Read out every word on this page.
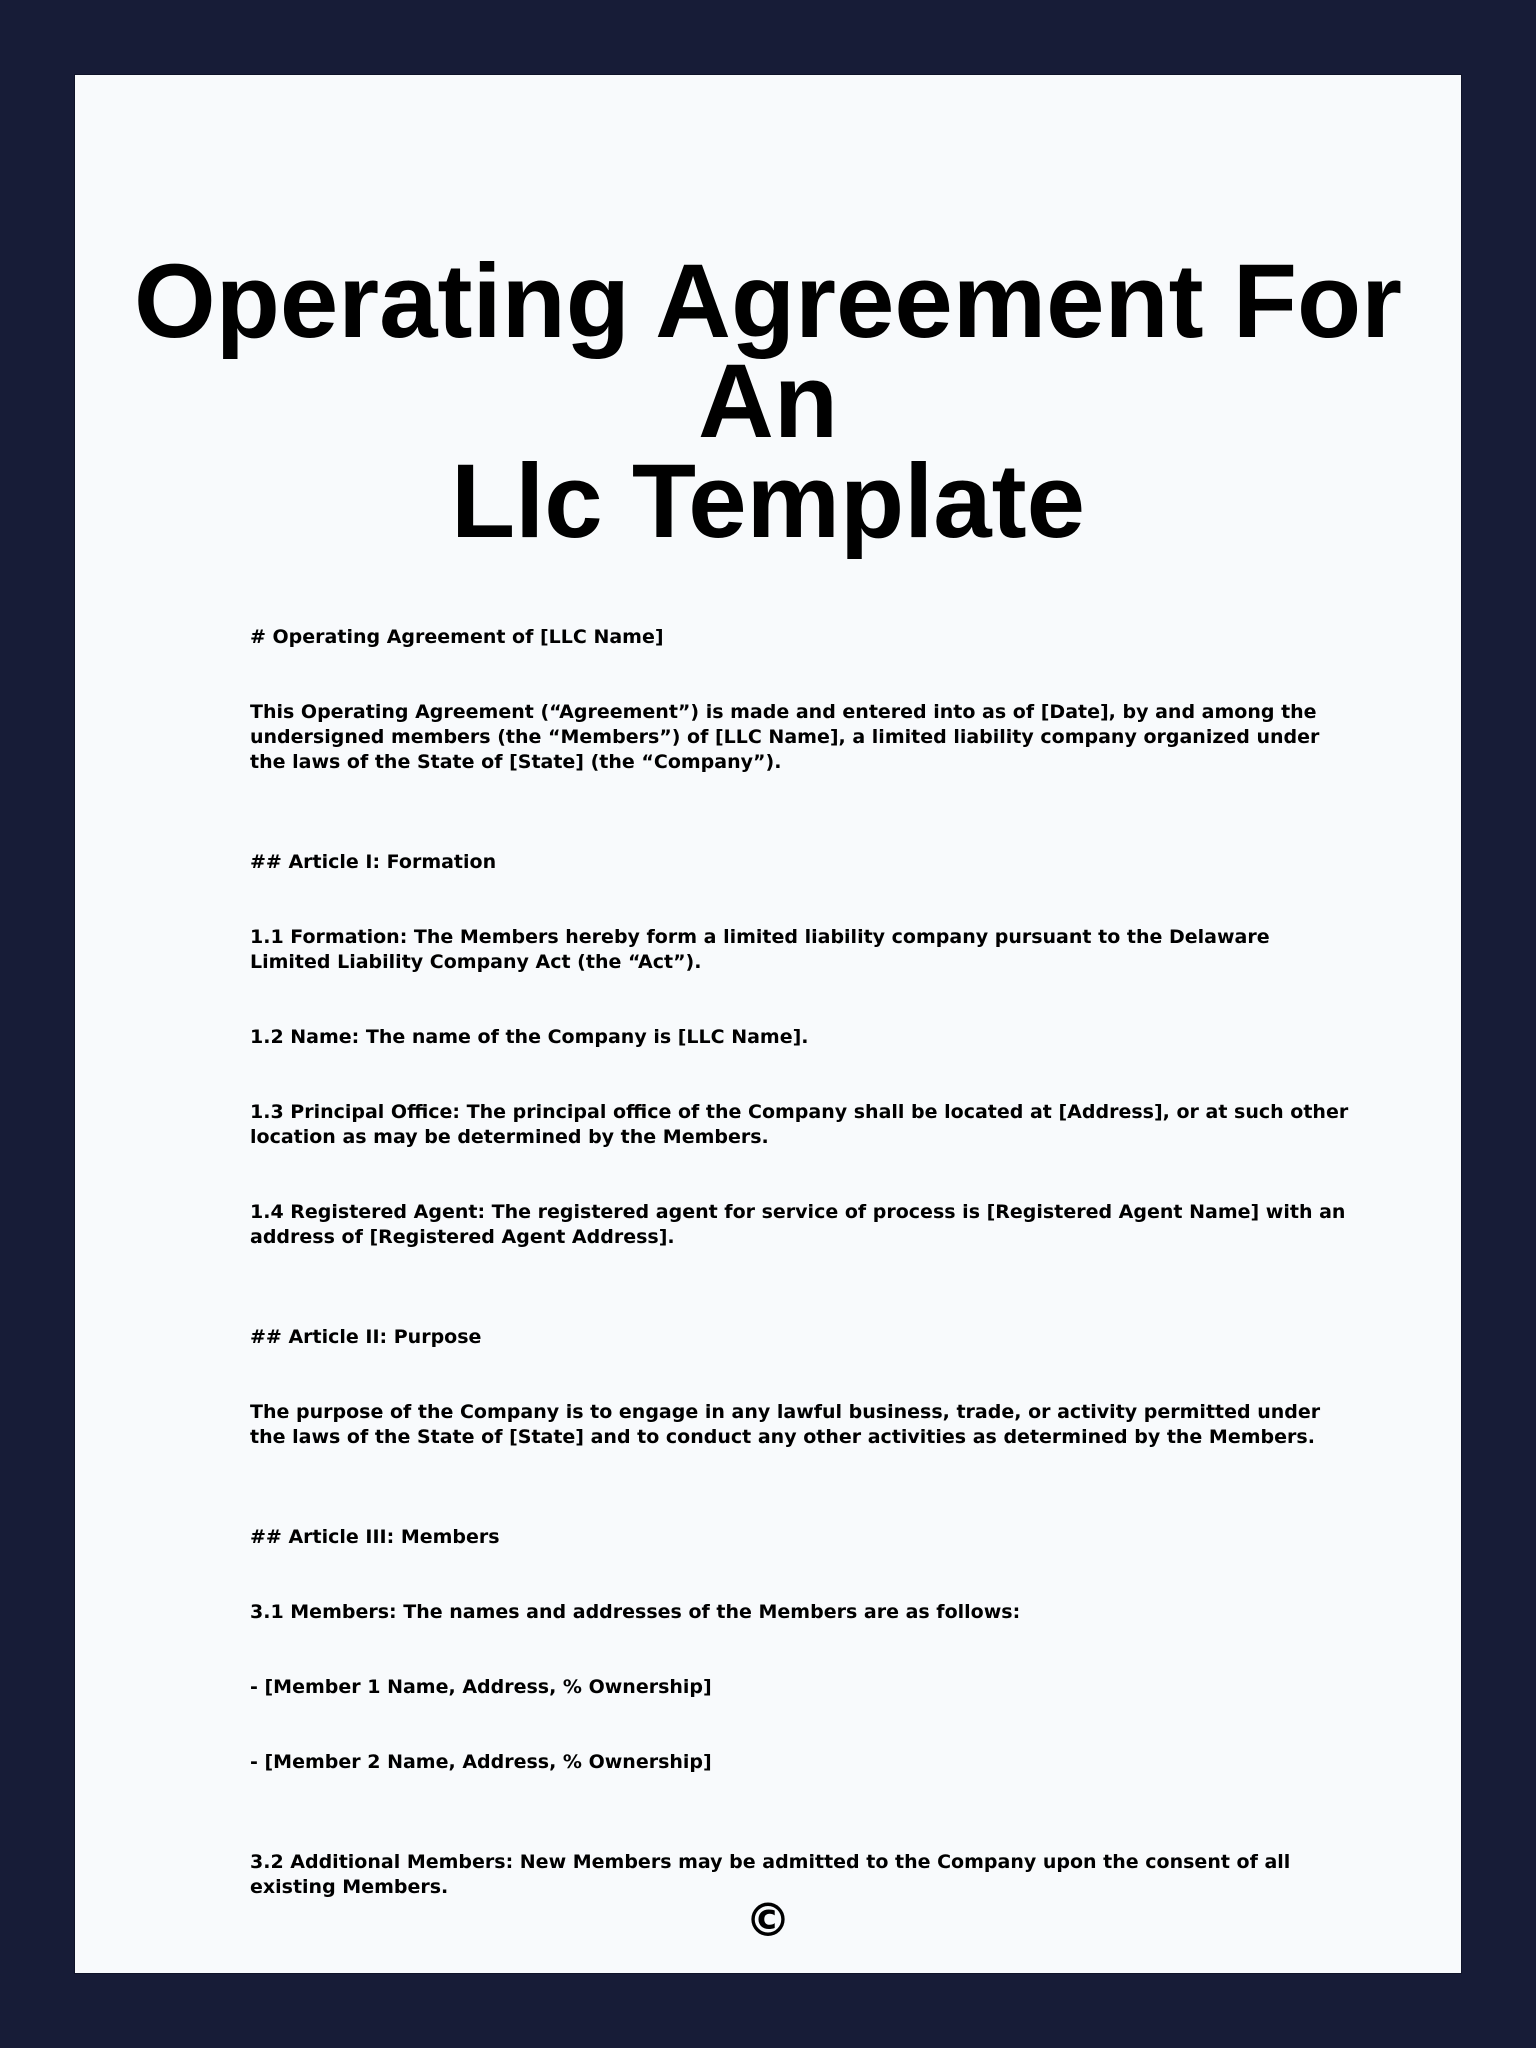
Operating Agreement For An
Llc Template

# Operating Agreement of [LLC Name]

This Operating Agreement (“Agreement”) is made and entered into as of [Date], by and among the undersigned members (the “Members”) of [LLC Name], a limited liability company organized under the laws of the State of [State] (the “Company”).

## Article I: Formation

1.1 Formation: The Members hereby form a limited liability company pursuant to the Delaware Limited Liability Company Act (the “Act”).

1.2 Name: The name of the Company is [LLC Name].

1.3 Principal Office: The principal office of the Company shall be located at [Address], or at such other location as may be determined by the Members.

1.4 Registered Agent: The registered agent for service of process is [Registered Agent Name] with an address of [Registered Agent Address].

## Article II: Purpose

The purpose of the Company is to engage in any lawful business, trade, or activity permitted under the laws of the State of [State] and to conduct any other activities as determined by the Members.

## Article III: Members

3.1 Members: The names and addresses of the Members are as follows:

- [Member 1 Name, Address, % Ownership]

- [Member 2 Name, Address, % Ownership]

3.2 Additional Members: New Members may be admitted to the Company upon the consent of all existing Members.

©
